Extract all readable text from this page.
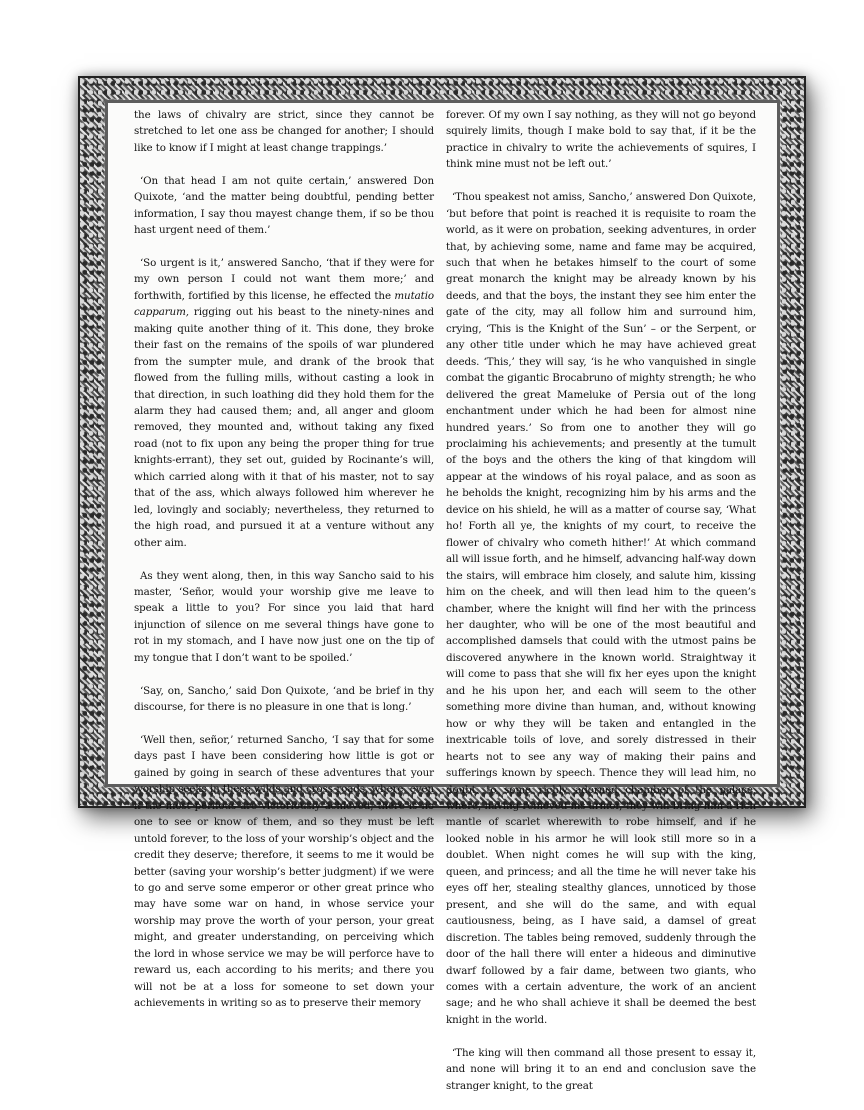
the laws of chivalry are strict, since they cannot be stretched to let one ass be changed for another; I should like to know if I might at least change trappings.’

‘On that head I am not quite certain,’ answered Don Quixote, ‘and the matter being doubtful, pending better information, I say thou mayest change them, if so be thou hast urgent need of them.’

‘So urgent is it,’ answered Sancho, ‘that if they were for my own person I could not want them more;’ and forthwith, fortified by this license, he effected the mutatio capparum, rigging out his beast to the ninety-nines and making quite another thing of it. This done, they broke their fast on the remains of the spoils of war plundered from the sumpter mule, and drank of the brook that flowed from the fulling mills, without casting a look in that direction, in such loathing did they hold them for the alarm they had caused them; and, all anger and gloom removed, they mounted and, without taking any fixed road (not to fix upon any being the proper thing for true knights-errant), they set out, guided by Rocinante’s will, which carried along with it that of his master, not to say that of the ass, which always followed him wherever he led, lovingly and sociably; nevertheless, they returned to the high road, and pursued it at a venture without any other aim.

As they went along, then, in this way Sancho said to his master, ‘Señor, would your worship give me leave to speak a little to you? For since you laid that hard injunction of silence on me several things have gone to rot in my stomach, and I have now just one on the tip of my tongue that I don’t want to be spoiled.’

‘Say, on, Sancho,’ said Don Quixote, ‘and be brief in thy discourse, for there is no pleasure in one that is long.’

‘Well then, señor,’ returned Sancho, ‘I say that for some days past I have been considering how little is got or gained by going in search of these adventures that your worship seeks in these wilds and cross-roads, where, even if the most perilous are victoriously achieved, there is no one to see or know of them, and so they must be left untold forever, to the loss of your worship’s object and the credit they deserve; therefore, it seems to me it would be better (saving your worship’s better judgment) if we were to go and serve some emperor or other great prince who may have some war on hand, in whose service your worship may prove the worth of your person, your great might, and greater understanding, on perceiving which the lord in whose service we may be will perforce have to reward us, each according to his merits; and there you will not be at a loss for someone to set down your achievements in writing so as to preserve their memory

forever. Of my own I say nothing, as they will not go beyond squirely limits, though I make bold to say that, if it be the practice in chivalry to write the achievements of squires, I think mine must not be left out.’

‘Thou speakest not amiss, Sancho,’ answered Don Quixote, ‘but before that point is reached it is requisite to roam the world, as it were on probation, seeking adventures, in order that, by achieving some, name and fame may be acquired, such that when he betakes himself to the court of some great monarch the knight may be already known by his deeds, and that the boys, the instant they see him enter the gate of the city, may all follow him and surround him, crying, ‘This is the Knight of the Sun’ – or the Serpent, or any other title under which he may have achieved great deeds. ‘This,’ they will say, ‘is he who vanquished in single combat the gigantic Brocabruno of mighty strength; he who delivered the great Mameluke of Persia out of the long enchantment under which he had been for almost nine hundred years.’ So from one to another they will go proclaiming his achievements; and presently at the tumult of the boys and the others the king of that kingdom will appear at the windows of his royal palace, and as soon as he beholds the knight, recognizing him by his arms and the device on his shield, he will as a matter of course say, ‘What ho! Forth all ye, the knights of my court, to receive the flower of chivalry who cometh hither!’ At which command all will issue forth, and he himself, advancing half-way down the stairs, will embrace him closely, and salute him, kissing him on the cheek, and will then lead him to the queen’s chamber, where the knight will find her with the princess her daughter, who will be one of the most beautiful and accomplished damsels that could with the utmost pains be discovered anywhere in the known world. Straightway it will come to pass that she will fix her eyes upon the knight and he his upon her, and each will seem to the other something more divine than human, and, without knowing how or why they will be taken and entangled in the inextricable toils of love, and sorely distressed in their hearts not to see any way of making their pains and sufferings known by speech. Thence they will lead him, no doubt, to some richly adorned chamber of the palace, where, having removed his armor, they will bring him a rich mantle of scarlet wherewith to robe himself, and if he looked noble in his armor he will look still more so in a doublet. When night comes he will sup with the king, queen, and princess; and all the time he will never take his eyes off her, stealing stealthy glances, unnoticed by those present, and she will do the same, and with equal cautiousness, being, as I have said, a damsel of great discretion. The tables being removed, suddenly through the door of the hall there will enter a hideous and diminutive dwarf followed by a fair dame, between two giants, who comes with a certain adventure, the work of an ancient sage; and he who shall achieve it shall be deemed the best knight in the world.

‘The king will then command all those present to essay it, and none will bring it to an end and conclusion save the stranger knight, to the great
